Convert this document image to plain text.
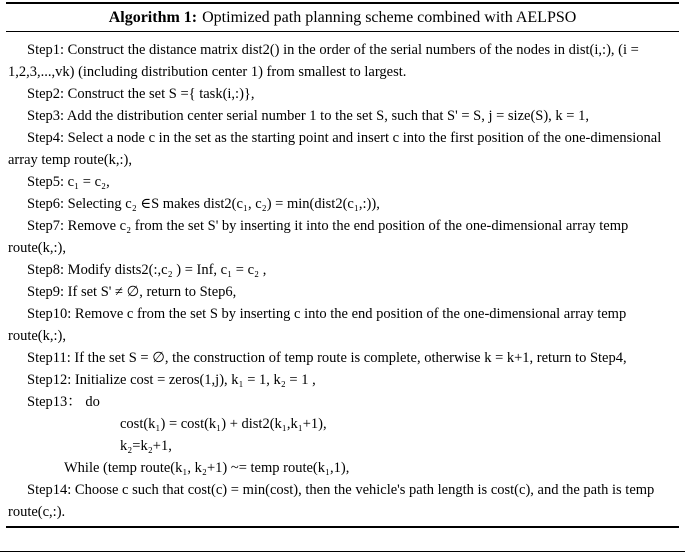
Algorithm 1: Optimized path planning scheme combined with AELPSO

Step1: Construct the distance matrix dist2() in the order of the serial numbers of the nodes in dist(i,:), (i = 1,2,3,...,vk) (including distribution center 1) from smallest to largest.

Step2: Construct the set S ={ task(i,:)},

Step3: Add the distribution center serial number 1 to the set S, such that S' = S, j = size(S), k = 1,

Step4: Select a node c in the set as the starting point and insert c into the first position of the one-dimensional array temp route(k,:),

Step5: c₁ = c₂,

Step6: Selecting c₂ ∈S makes dist2(c₁, c₂) = min(dist2(c₁,:)),

Step7: Remove c₂ from the set S' by inserting it into the end position of the one-dimensional array temp route(k,:),

Step8: Modify dists2(:,c₂ ) = Inf, c₁ = c₂ ,

Step9: If set S' ≠ ∅, return to Step6,

Step10: Remove c from the set S by inserting c into the end position of the one-dimensional array temp route(k,:),

Step11: If the set S = ∅, the construction of temp route is complete, otherwise k = k+1, return to Step4,

Step12: Initialize cost = zeros(1,j), k₁ = 1, k₂ = 1 ,

Step13： do

cost(k₁) = cost(k₁) + dist2(k₁,k₁+1),

k₂=k₂+1,

While (temp route(k₁, k₂+1) ~= temp route(k₁,1),

Step14: Choose c such that cost(c) = min(cost), then the vehicle's path length is cost(c), and the path is temp route(c,:).
